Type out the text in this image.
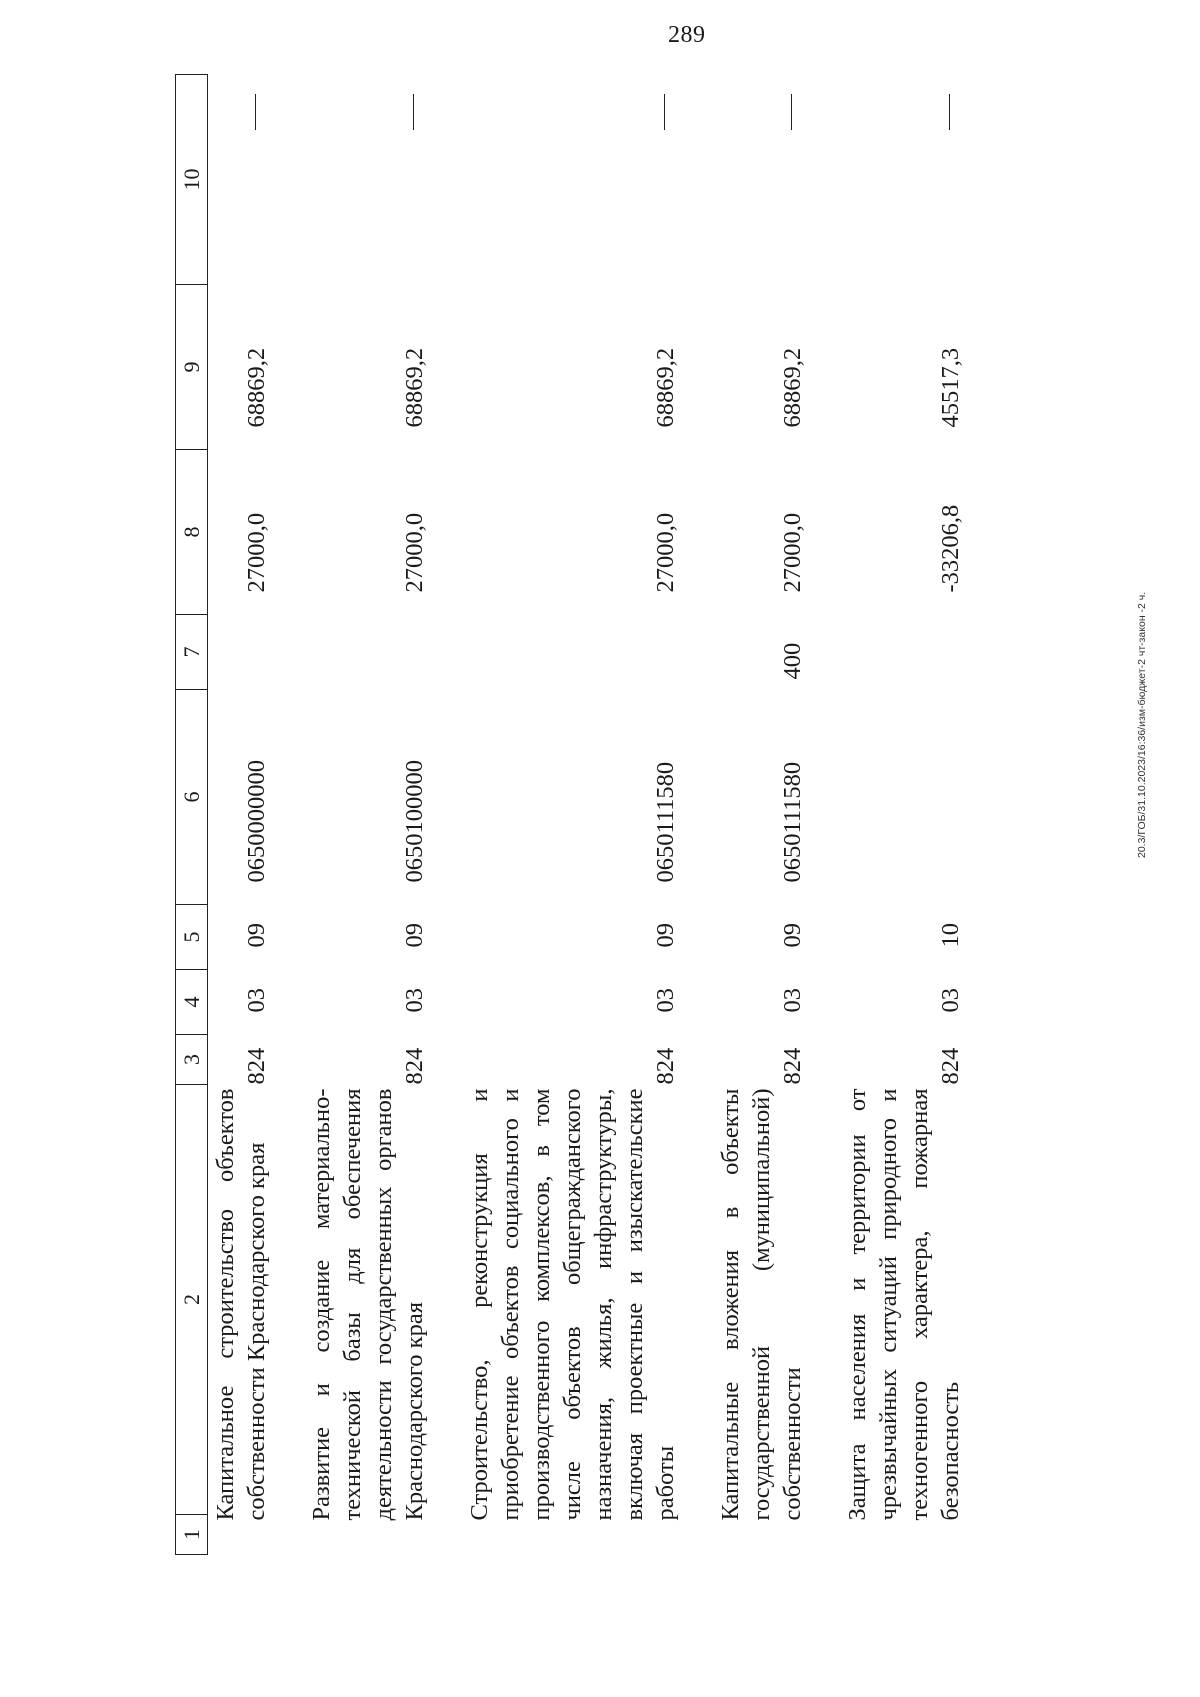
289
20.3/ГОБ/31.10.2023/16:36/изм-бюджет-2 чт-закон -2 ч.
1	2	3	4	5	6	7	8	9	10
Капитальное строительство объектов собственности Краснодарского края		824	03	09	0650000000		27000,0	68869,2	

Развитие и создание материально-технической базы для обеспечения деятельности государственных органов Краснодарского края		824	03	09	0650100000		27000,0	68869,2	

Строительство, реконструкция и приобретение объектов социального и производственного комплексов, в том числе объектов общегражданского назначения, жилья, инфраструктуры, включая проектные и изыскательские работы		824	03	09	0650111580		27000,0	68869,2	

Капитальные вложения в объекты государственной (муниципальной) собственности		824	03	09	0650111580	400	27000,0	68869,2	

Защита населения и территории от чрезвычайных ситуаций природного и техногенного характера, пожарная безопасность		824	03	10			-33206,8	45517,3	
